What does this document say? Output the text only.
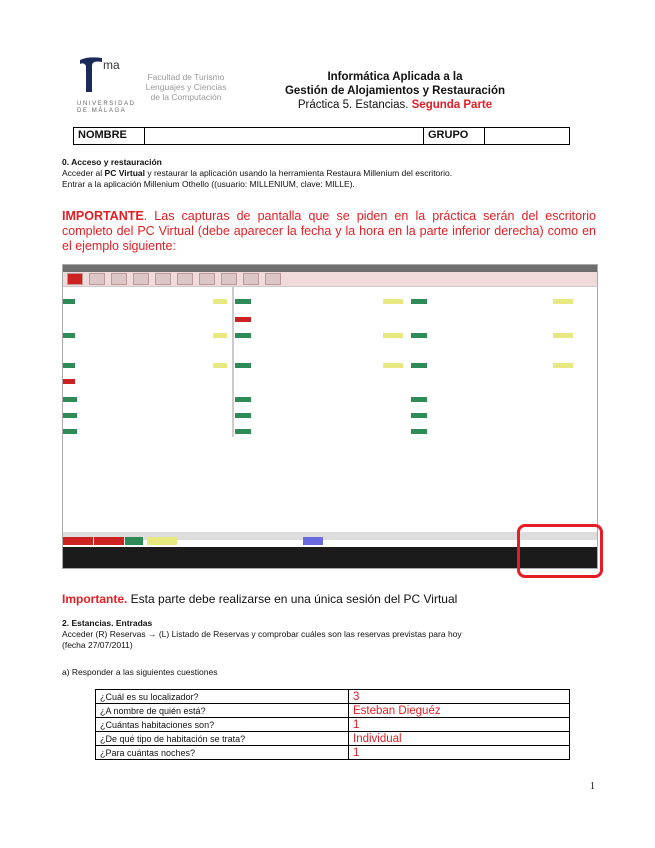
ma
UNIVERSIDAD DE MÁLAGA
Facultad de Turismo
Lenguajes y Ciencias
de la Computación
Informática Aplicada a la
Gestión de Alojamientos y Restauración
Práctica 5. Estancias. Segunda Parte
NOMBRE	GRUPO
0. Acceso y restauración
Acceder al PC Virtual y restaurar la aplicación usando la herramienta Restaura Millenium del escritorio.
Entrar a la aplicación Millenium Othello ((usuario: MILLENIUM, clave: MILLE).
IMPORTANTE. Las capturas de pantalla que se piden en la práctica serán del escritorio completo del PC Virtual (debe aparecer la fecha y la hora en la parte inferior derecha) como en el ejemplo siguiente:
Importante. Esta parte debe realizarse en una única sesión del PC Virtual
2. Estancias. Entradas
Acceder (R) Reservas → (L) Listado de Reservas y comprobar cuáles son las reservas previstas para hoy
(fecha 27/07/2011)
a) Responder a las siguientes cuestiones
¿Cuál es su localizador?	3
¿A nombre de quién está?	Esteban Dieguéz
¿Cuántas habitaciones son?	1
¿De qué tipo de habitación se trata?	Individual
¿Para cuántas noches?	1
1
